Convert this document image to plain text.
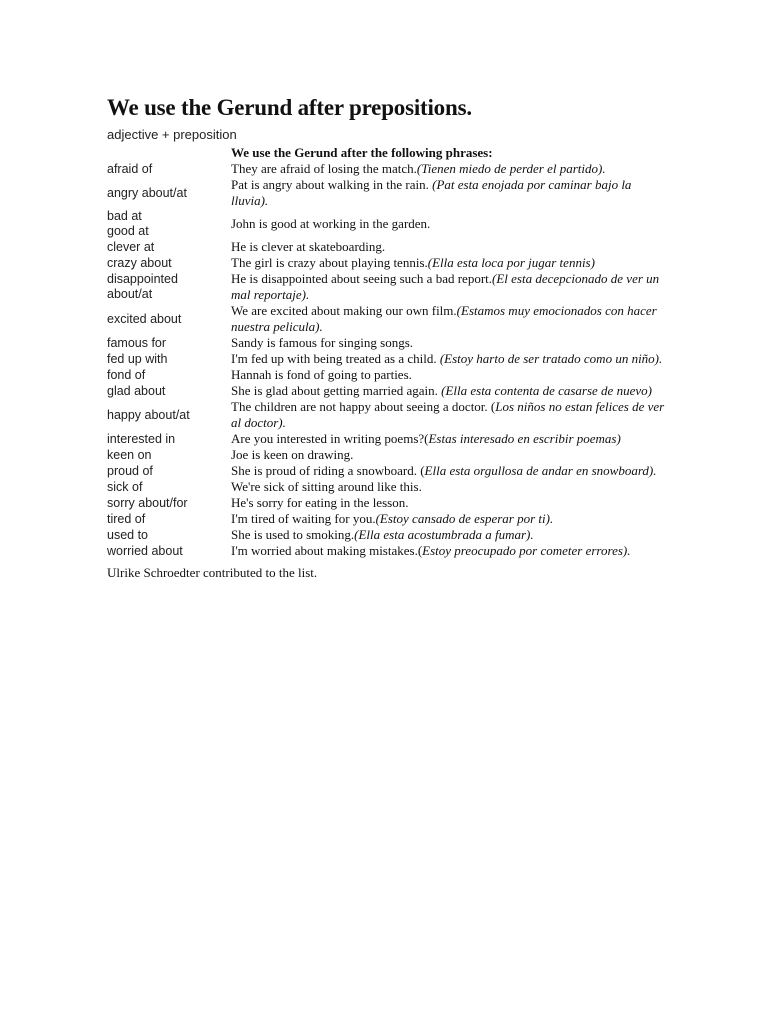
We use the Gerund after prepositions.
adjective + preposition
	We use the Gerund after the following phrases:
afraid of	They are afraid of losing the match.(Tienen miedo de perder el partido).
angry about/at	Pat is angry about walking in the rain. (Pat esta enojada por caminar bajo la lluvia).

bad at
good at	John is good at working in the garden.
clever at	He is clever at skateboarding.
crazy about	The girl is crazy about playing tennis.(Ella esta loca por jugar tennis)

disappointed
about/at	He is disappointed about seeing such a bad report.(El esta decepcionado de ver un mal reportaje).
excited about	We are excited about making our own film.(Estamos muy emocionados con hacer nuestra pelicula).
famous for	Sandy is famous for singing songs.
fed up with	I'm fed up with being treated as a child. (Estoy harto de ser tratado como un niño).
fond of	Hannah is fond of going to parties.
glad about	She is glad about getting married again. (Ella esta contenta de casarse de nuevo)
happy about/at	The children are not happy about seeing a doctor. (Los niños no estan felices de ver al doctor).
interested in	Are you interested in writing poems?(Estas interesado en escribir poemas)
keen on	Joe is keen on drawing.
proud of	She is proud of riding a snowboard. (Ella esta orgullosa de andar en snowboard).
sick of	We're sick of sitting around like this.
sorry about/for	He's sorry for eating in the lesson.
tired of	I'm tired of waiting for you.(Estoy cansado de esperar por ti).
used to	She is used to smoking.(Ella esta acostumbrada a fumar).
worried about	I'm worried about making mistakes.(Estoy preocupado por cometer errores).
Ulrike Schroedter contributed to the list.
